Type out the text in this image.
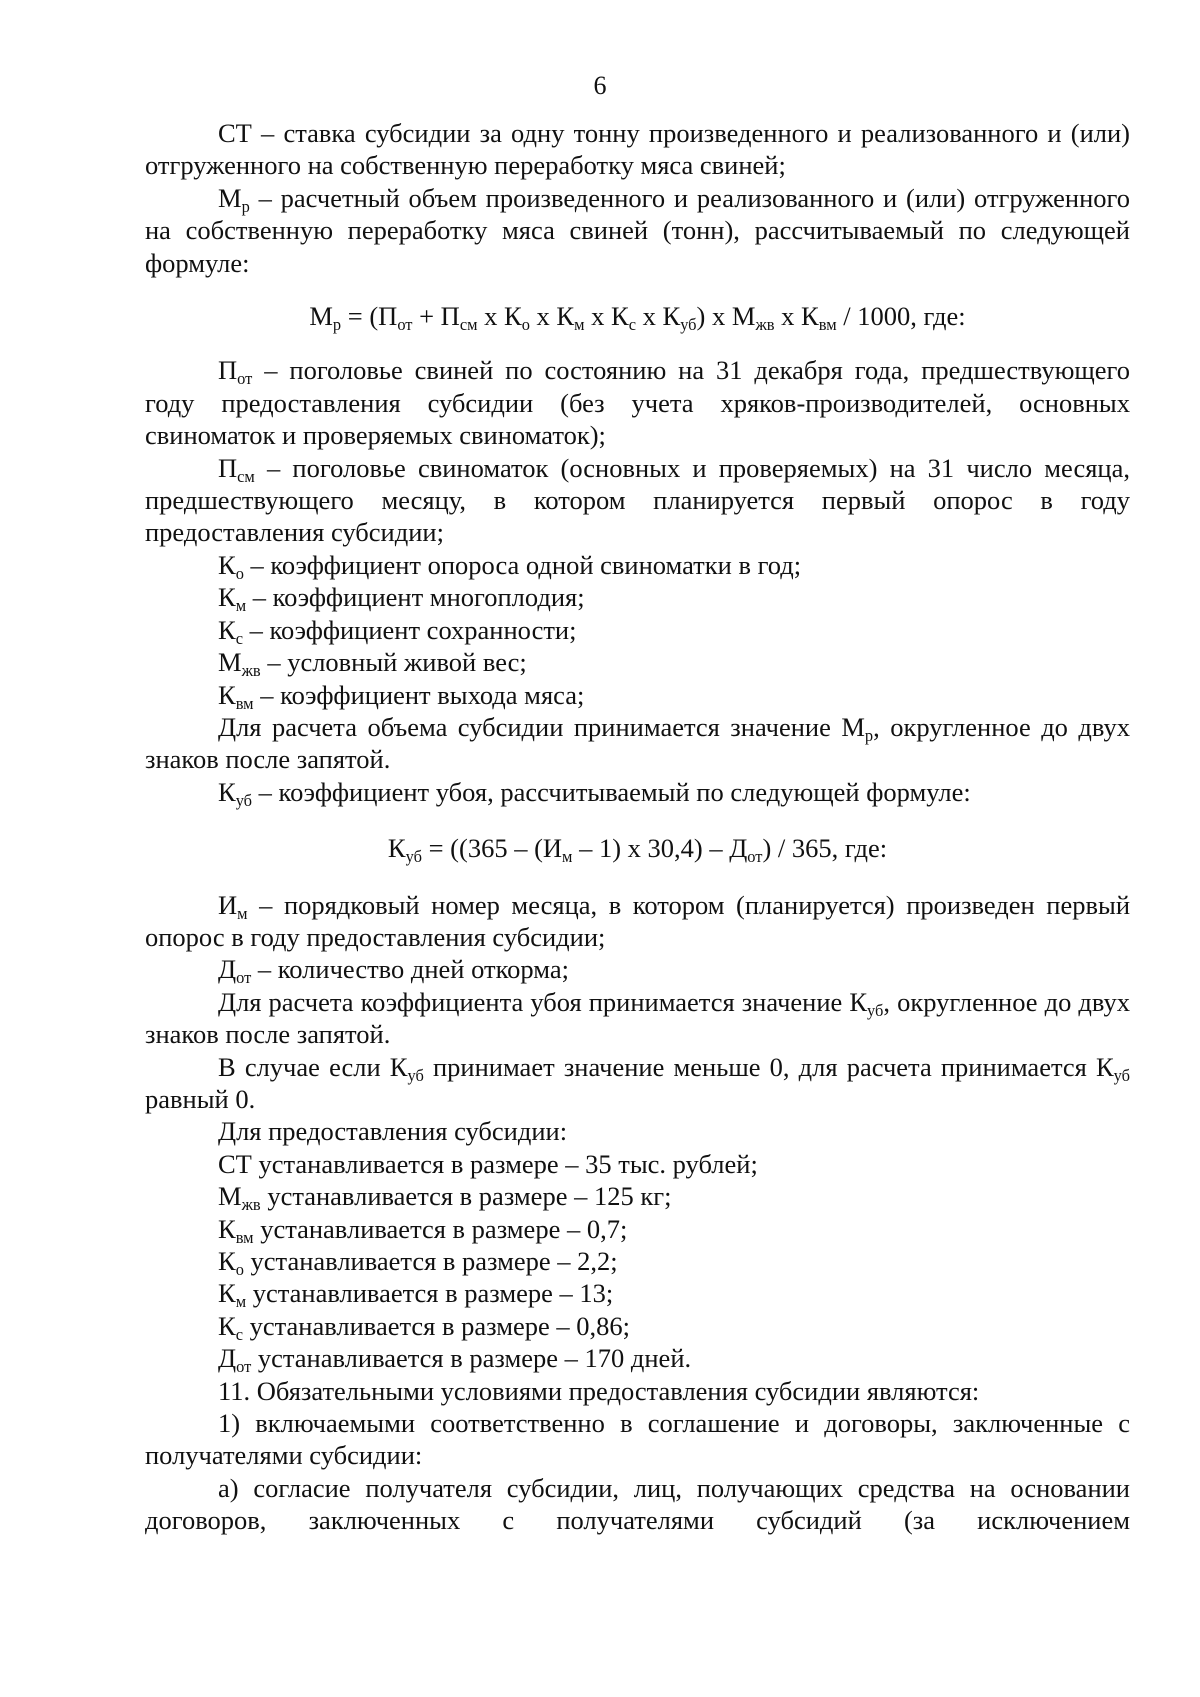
6

СТ – ставка субсидии за одну тонну произведенного и реализованного и (или) отгруженного на собственную переработку мяса свиней;

$М_р$ – расчетный объем произведенного и реализованного и (или) отгруженного на собственную переработку мяса свиней (тонн), рассчитываемый по следующей формуле:

$М_р = (П_{от} + П_{см}$ х $К_о$ х $К_м$ х $К_с$ х $К_{уб}$) х $М_{жв}$ х $К_{вм} / 1000$, где:

$П_{от}$ – поголовье свиней по состоянию на 31 декабря года, предшествующего году предоставления субсидии (без учета хряков-производителей, основных свиноматок и проверяемых свиноматок);

$П_{см}$ – поголовье свиноматок (основных и проверяемых) на 31 число месяца, предшествующего месяцу, в котором планируется первый опорос в году предоставления субсидии;

$К_о$ – коэффициент опороса одной свиноматки в год;

$К_м$ – коэффициент многоплодия;

$К_с$ – коэффициент сохранности;

$М_{жв}$ – условный живой вес;

$К_{вм}$ – коэффициент выхода мяса;

Для расчета объема субсидии принимается значение $М_р$, округленное до двух знаков после запятой.

$К_{уб}$ – коэффициент убоя, рассчитываемый по следующей формуле:

$К_{уб} = ((365 - (И_м - 1)$ х $30,4) - Д_{от}) / 365$, где:

$И_м$ – порядковый номер месяца, в котором (планируется) произведен первый опорос в году предоставления субсидии;

$Д_{от}$ – количество дней откорма;

Для расчета коэффициента убоя принимается значение $К_{уб}$, округленное до двух знаков после запятой.

В случае если $К_{уб}$ принимает значение меньше 0, для расчета принимается $К_{уб}$ равный 0.

Для предоставления субсидии:

СТ устанавливается в размере – 35 тыс. рублей;

$М_{жв}$ устанавливается в размере – 125 кг;

$К_{вм}$ устанавливается в размере – 0,7;

$К_о$ устанавливается в размере – 2,2;

$К_м$ устанавливается в размере – 13;

$К_с$ устанавливается в размере – 0,86;

$Д_{от}$ устанавливается в размере – 170 дней.

11. Обязательными условиями предоставления субсидии являются:

1) включаемыми соответственно в соглашение и договоры, заключенные с получателями субсидии:

а) согласие получателя субсидии, лиц, получающих средства на основании договоров, заключенных с получателями субсидий (за исключением
